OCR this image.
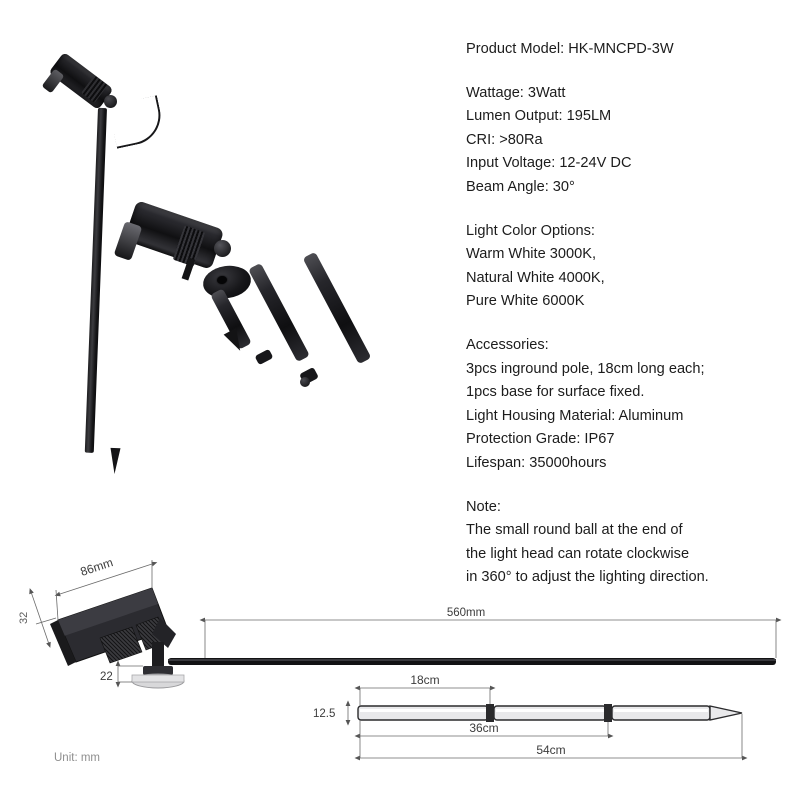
Product Model: HK-MNCPD-3W
Wattage: 3Watt
Lumen Output: 195LM
CRI: >80Ra
Input Voltage: 12-24V DC
Beam Angle: 30°
Light Color Options:
Warm White 3000K,
Natural White 4000K,
Pure White 6000K
Accessories:
3pcs inground pole, 18cm long each;
1pcs base for surface fixed.
Light Housing Material: Aluminum
Protection Grade: IP67
Lifespan: 35000hours
Note:
The small round ball at the end of
the light head can rotate clockwise
in 360° to adjust the lighting direction.
32
86mm
22
560mm
12.5
18cm
36cm
54cm
Unit: mm
